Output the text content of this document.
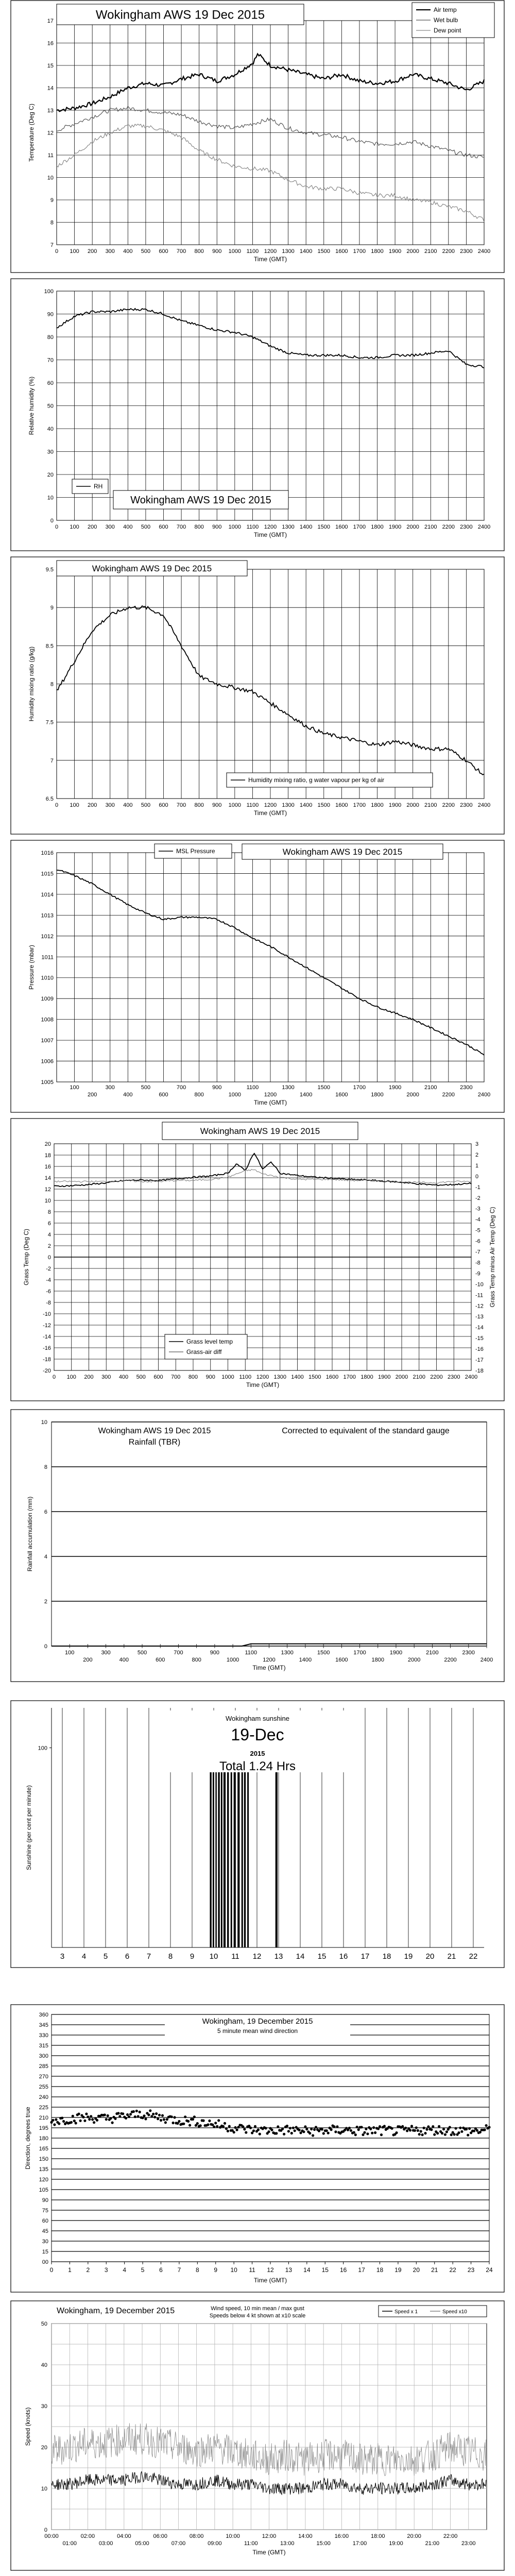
7
8
9
10
11
12
13
14
15
16
17
0 100 200 300 400 500 600 700 800 900 1000 1100 1200 1300 1400 1500 1600 1700 1800 1900 2000 2100 2200 2300 2400
Temperature (Deg C)
Time (GMT)
Wokingham AWS 19 Dec 2015	Air temp
Wet bulb
Dew point
0
10
20
30
40
50
60
70
80
90
100
0 100 200 300 400 500 600 700 800 900 1000 1100 1200 1300 1400 1500 1600 1700 1800 1900 2000 2100 2200 2300 2400
Relative humidity (%)
Time (GMT)
RH
Wokingham AWS 19 Dec 2015
6.5
7
7.5
8
8.5
9
9.5
0 100 200 300 400 500 600 700 800 900 1000 1100 1200 1300 1400 1500 1600 1700 1800 1900 2000 2100 2200 2300 2400
Humidity mixing ratio (g/kg)
Time (GMT)
Wokingham AWS 19 Dec 2015
Humidity mixing ratio, g water vapour per kg of air
1005
1006
1007
1008
1009
1010
1011
1012
1013
1014
1015
1016
100
200
300
400
500
600
700
800
900
1000
1100
1200
1300
1400
1500
1600
1700
1800
1900
2000
2100
2200
2300
2400
Pressure (mbar)
Time (GMT)
MSL Pressure	Wokingham AWS 19 Dec 2015
20
18
16
14
12
10
8
6
4
2
0
-2
-4
-6
-8
-10
-12
-14
-16
-18
-20
3
2
1
0
-1
-2
-3
-4
-5
-6
-7
-8
-9
-10
-11
-12
-13
-14
-15
-16
-17
-18
0 100 200 300 400 500 600 700 800 900 1000 1100 1200 1300 1400 1500 1600 1700 1800 1900 2000 2100 2200 2300 2400
Grass Temp (Deg C)	Grass Temp minus Air Temp (Deg C)
Time (GMT)
Wokingham AWS 19 Dec 2015
Grass level temp
Grass-air diff
0
2
4
6
8
10
100
200
300
400
500
600
700
800
900
1000
1100
1200
1300
1400
1500
1600
1700
1800
1900
2000
2100
2200
2300
2400
Rainfall accumulation (mm)
Time (GMT)
Wokingham AWS 19 Dec 2015
Rainfall (TBR)
Corrected to equivalent of the standard gauge
3 4 5 6 7 8 9 10 11 12 13 14 15 16 17 18 19 20 21 22
100
Sunshine (per cent per minute)
Wokingham sunshine
19-Dec
2015
Total 1.24 Hrs
00
15
30
45
60
75
90
105
120
135
150
165
180
195
210
225
240
255
270
285
300
315
330
345
360
0 1 2 3 4 5 6 7 8 9 10 11 12 13 14 15 16 17 18 19 20 21 22 23 24
Direction, degrees true
Time (GMT)
Wokingham, 19 December 2015
5 minute mean wind direction
0
10
20
30
40
50
00:00	02:00	04:00	06:00	08:00	10:00	12:00	14:00	16:00	18:00	20:00	22:00
01:00	03:00	05:00	07:00	09:00	11:00	13:00	15:00	17:00	19:00	21:00	23:00
Speed (knots)
Time (GMT)
Wokingham, 19 December 2015	Wind speed, 10 min mean / max gust
Speeds below 4 kt shown at x10 scale
Speed x 1	Speed x10
